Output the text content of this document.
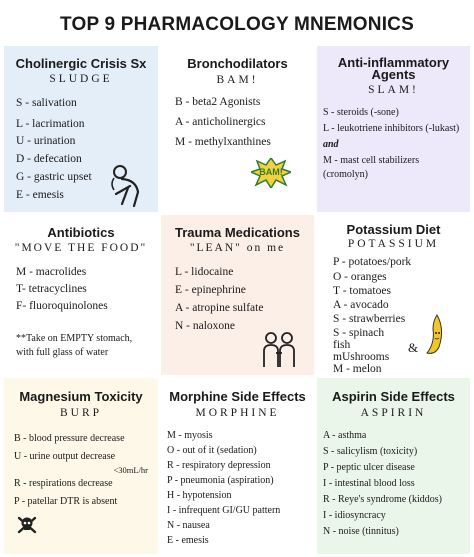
TOP 9 PHARMACOLOGY MNEMONICS
Cholinergic Crisis Sx
SLUDGE
S - salivation
L - lacrimation
U - urination
D - defecation
G - gastric upset
E - emesis
Bronchodilators
BAM!
B - beta2 Agonists
A - anticholinergics
M - methylxanthines
BAM!
Anti-inflammatory
Agents
SLAM!
S - steroids (-sone)
L - leukotriene inhibitors (-lukast)
and
M - mast cell stabilizers
(cromolyn)
Antibiotics
"MOVE THE FOOD"
M - macrolides
T- tetracyclines
F- fluoroquinolones
**Take on EMPTY stomach,
with full glass of water
Trauma Medications
"LEAN" on me
L - lidocaine
E - epinephrine
A - atropine sulfate
N - naloxone
Potassium Diet
POTASSIUM
P - potatoes/pork
O - oranges
T - tomatoes
A - avocado
S - strawberries
S - spinach
fish
mUshrooms
M - melon
&
Magnesium Toxicity
BURP
B - blood pressure decrease
U - urine output decrease
<30mL/hr
R - respirations decrease
P - patellar DTR is absent
Morphine Side Effects
MORPHINE
M - myosis
O - out of it (sedation)
R - respiratory depression
P - pneumonia (aspiration)
H - hypotension
I - infrequent GI/GU pattern
N - nausea
E - emesis
Aspirin Side Effects
ASPIRIN
A - asthma
S - salicylism (toxicity)
P - peptic ulcer disease
I - intestinal blood loss
R - Reye's syndrome (kiddos)
I - idiosyncracy
N - noise (tinnitus)
